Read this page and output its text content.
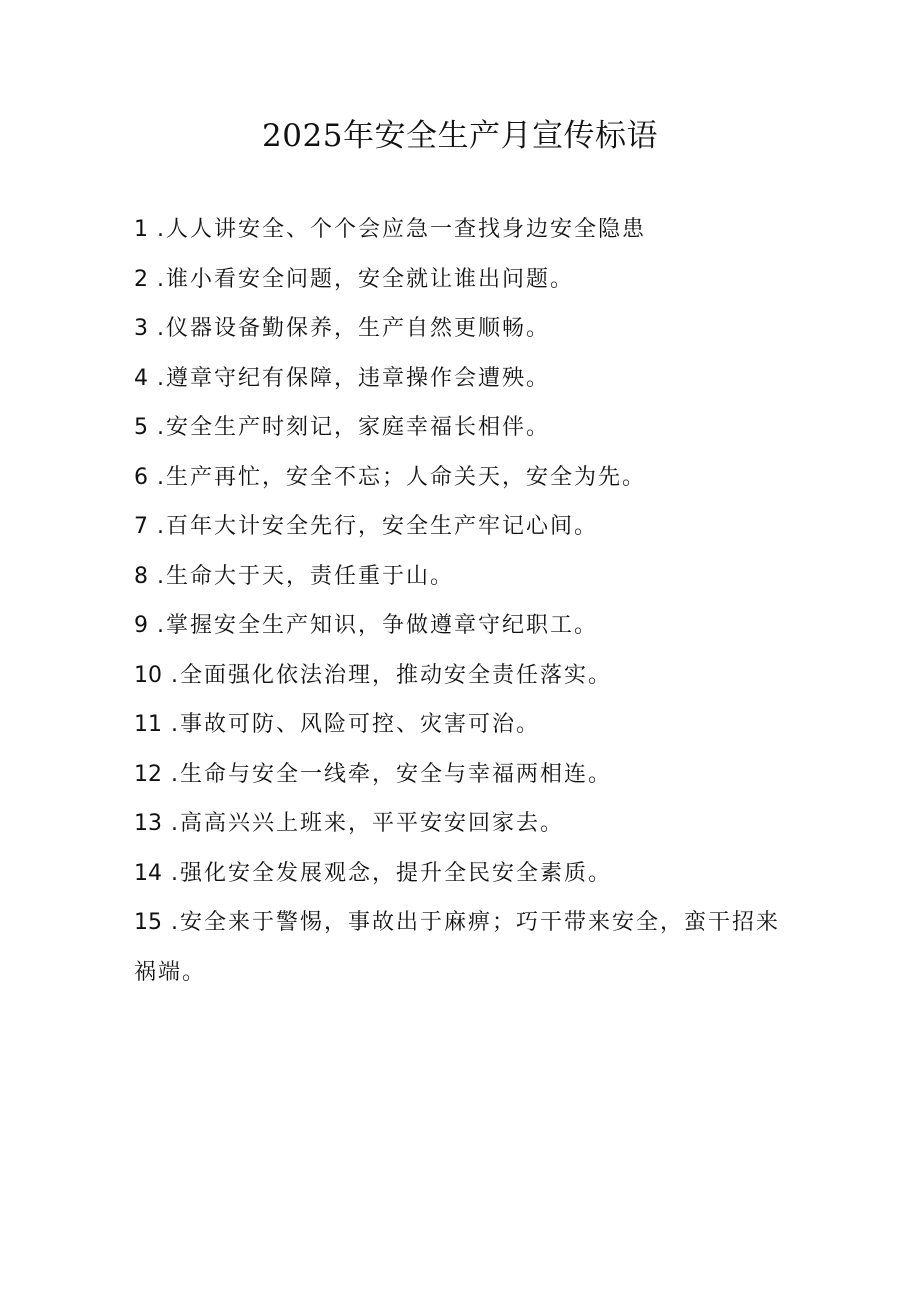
2025年安全生产月宣传标语
1 .人人讲安全、个个会应急一查找身边安全隐患
2 .谁小看安全问题，安全就让谁出问题。
3 .仪器设备勤保养，生产自然更顺畅。
4 .遵章守纪有保障，违章操作会遭殃。
5 .安全生产时刻记，家庭幸福长相伴。
6 .生产再忙，安全不忘；人命关天，安全为先。
7 .百年大计安全先行，安全生产牢记心间。
8 .生命大于天，责任重于山。
9 .掌握安全生产知识，争做遵章守纪职工。
10 .全面强化依法治理，推动安全责任落实。
11 .事故可防、风险可控、灾害可治。
12 .生命与安全一线牵，安全与幸福两相连。
13 .高高兴兴上班来，平平安安回家去。
14 .强化安全发展观念，提升全民安全素质。
15 .安全来于警惕，事故出于麻痹；巧干带来安全，蛮干招来祸端。
